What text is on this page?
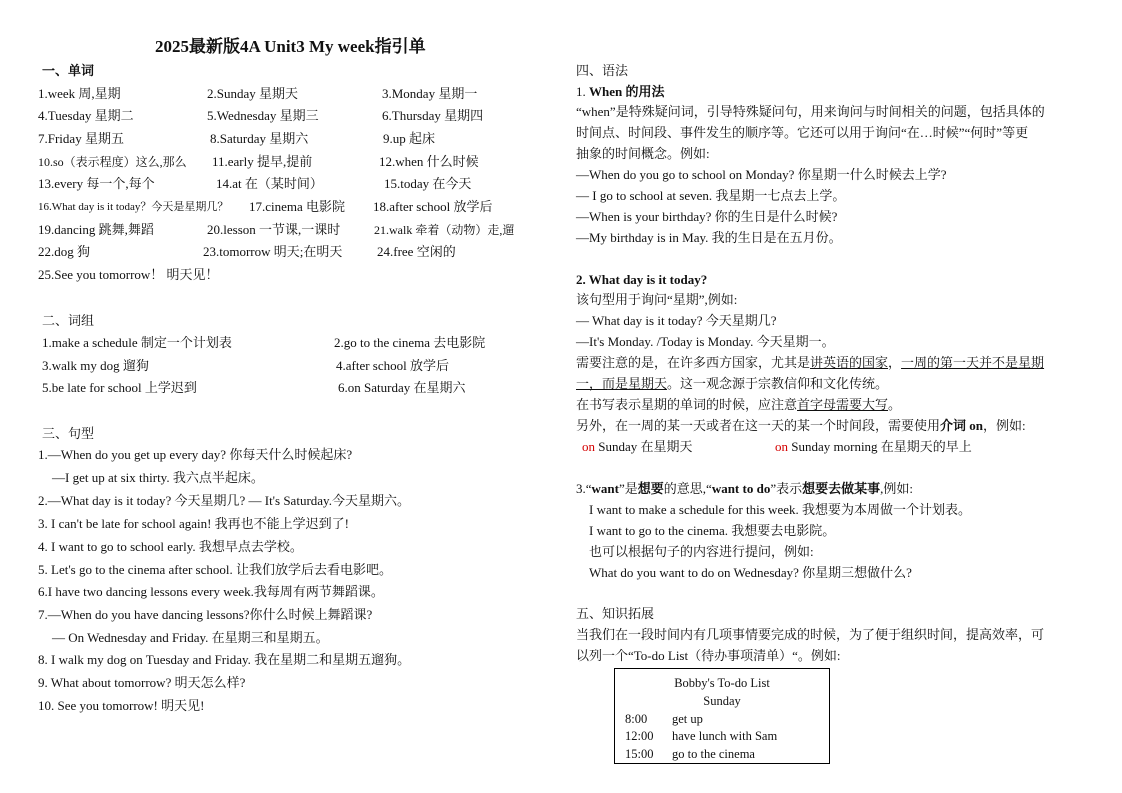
2025最新版4A Unit3 My week指引单
一、单词
1.week 周,星期	2.Sunday 星期天	3.Monday 星期一
4.Tuesday 星期二	5.Wednesday 星期三	6.Thursday 星期四
7.Friday 星期五	8.Saturday 星期六	9.up 起床
10.so（表示程度）这么,那么 11.early 提早,提前	12.when 什么时候
13.every 每一个,每个	14.at 在（某时间）	15.today 在今天
16.What day is it today？今天是星期几？ 17.cinema 电影院 18.after school 放学后
19.dancing 跳舞,舞蹈	20.lesson 一节课,一课时	21.walk 牵着（动物）走,遛
22.dog 狗	23.tomorrow 明天;在明天	24.free 空闲的
25.See you tomorrow！ 明天见！
二、词组
1.make a schedule 制定一个计划表	2.go to the cinema 去电影院
3.walk my dog 遛狗	4.after school 放学后
5.be late for school 上学迟到	6.on Saturday 在星期六
三、句型
1.—When do you get up every day? 你每天什么时候起床?
—I get up at six thirty. 我六点半起床。
2.—What day is it today? 今天星期几? — It's Saturday.今天星期六。
3. I can't be late for school again! 我再也不能上学迟到了!
4. I want to go to school early. 我想早点去学校。
5. Let's go to the cinema after school. 让我们放学后去看电影吧。
6.I have two dancing lessons every week.我每周有两节舞蹈课。
7.—When do you have dancing lessons?你什么时候上舞蹈课?
— On Wednesday and Friday. 在星期三和星期五。
8. I walk my dog on Tuesday and Friday. 我在星期二和星期五遛狗。
9. What about tomorrow? 明天怎么样?
10. See you tomorrow! 明天见!
四、语法
1. When 的用法
“when”是特殊疑问词，引导特殊疑问句，用来询问与时间相关的问题，包括具体的
时间点、时间段、事件发生的顺序等。它还可以用于询问“在…时候”“何时”等更
抽象的时间概念。例如:
—When do you go to school on Monday? 你星期一什么时候去上学?
— I go to school at seven. 我星期一七点去上学。
—When is your birthday? 你的生日是什么时候?
—My birthday is in May. 我的生日是在五月份。
2. What day is it today?
该句型用于询问“星期”,例如:
— What day is it today? 今天星期几?
—It's Monday. /Today is Monday. 今天星期一。
需要注意的是，在许多西方国家，尤其是讲英语的国家，一周的第一天并不是星期
一，而是星期天。这一观念源于宗教信仰和文化传统。
在书写表示星期的单词的时候，应注意首字母需要大写。
另外，在一周的某一天或者在这一天的某一个时间段，需要使用介词 on，例如:
on Sunday 在星期天	on Sunday morning 在星期天的早上
3.“want”是想要的意思,“want to do”表示想要去做某事,例如:
I want to make a schedule for this week. 我想要为本周做一个计划表。
I want to go to the cinema. 我想要去电影院。
也可以根据句子的内容进行提问，例如:
What do you want to do on Wednesday? 你星期三想做什么?
五、知识拓展
当我们在一段时间内有几项事情要完成的时候，为了便于组织时间，提高效率，可
以列一个“To-do List（待办事项清单）“。例如:
Bobby's To-do List
Sunday
8:00 get up
12:00 have lunch with Sam
15:00 go to the cinema
